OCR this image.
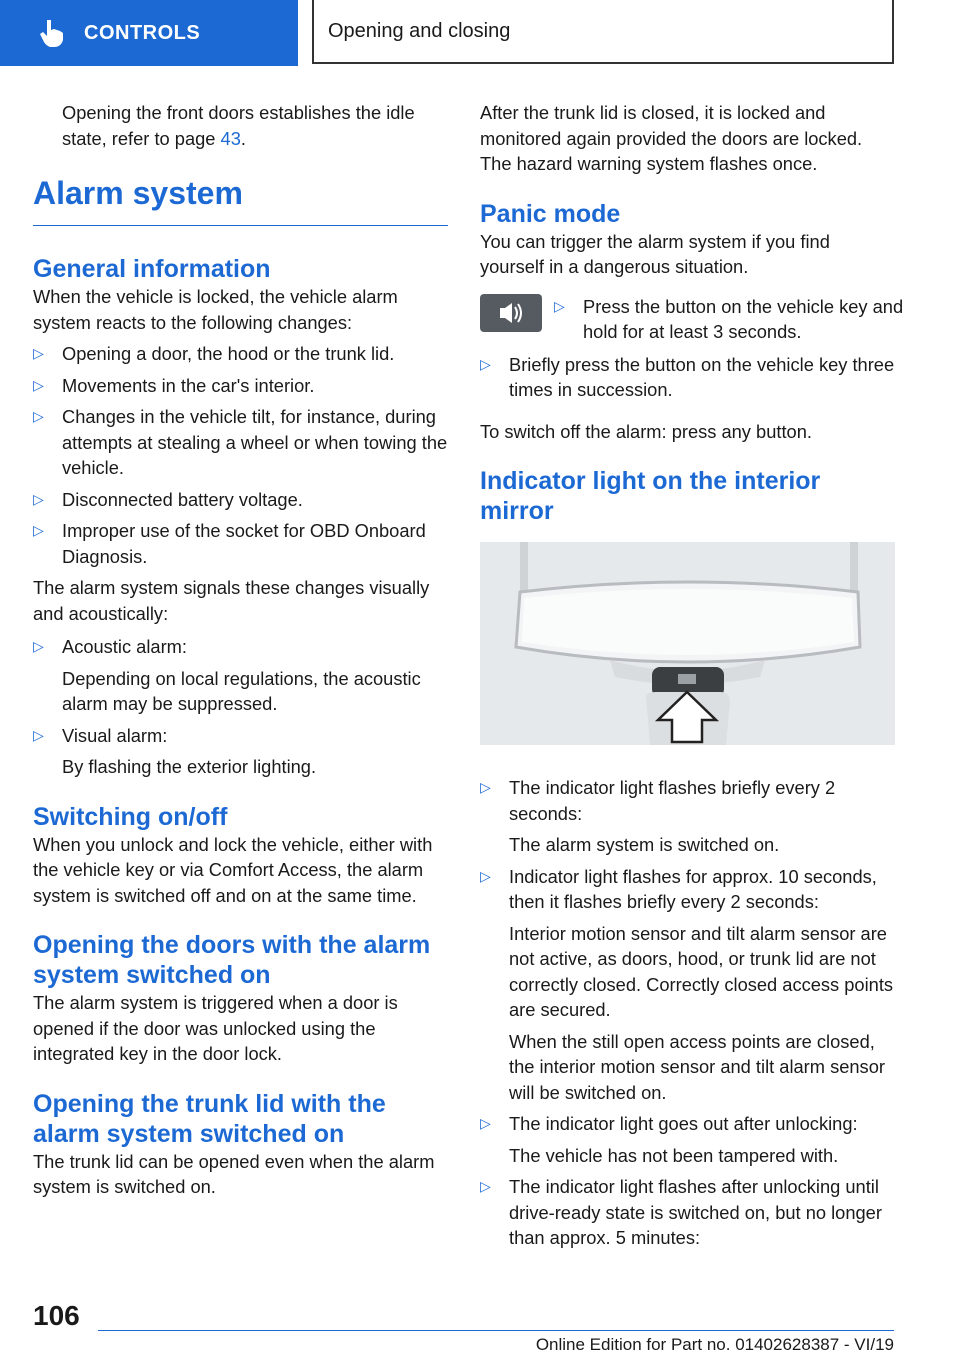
CONTROLS	Opening and closing

Opening the front doors establishes the idle
state, refer to page 43.

Alarm system
General information

When the vehicle is locked, the vehicle alarm system reacts to the following changes:

▷ Opening a door, the hood or the trunk lid.
▷ Movements in the car's interior.
▷ Changes in the vehicle tilt, for instance, during attempts at stealing a wheel or when towing the vehicle.
▷ Disconnected battery voltage.
▷ Improper use of the socket for OBD Onboard Diagnosis.

The alarm system signals these changes visually and acoustically:

▷ Acoustic alarm:

Depending on local regulations, the acoustic alarm may be suppressed.

▷ Visual alarm:

By flashing the exterior lighting.

Switching on/off

When you unlock and lock the vehicle, either with the vehicle key or via Comfort Access, the alarm system is switched off and on at the same time.

Opening the doors with the alarm system switched on

The alarm system is triggered when a door is opened if the door was unlocked using the integrated key in the door lock.

Opening the trunk lid with the alarm system switched on

The trunk lid can be opened even when the alarm system is switched on.

After the trunk lid is closed, it is locked and monitored again provided the doors are locked. The hazard warning system flashes once.

Panic mode

You can trigger the alarm system if you find yourself in a dangerous situation.

▷ Press the button on the vehicle key and hold for at least 3 seconds.
▷ Briefly press the button on the vehicle key three times in succession.

To switch off the alarm: press any button.

Indicator light on the interior mirror
▷ The indicator light flashes briefly every 2 seconds:

The alarm system is switched on.

▷ Indicator light flashes for approx. 10 seconds, then it flashes briefly every 2 seconds:

Interior motion sensor and tilt alarm sensor are not active, as doors, hood, or trunk lid are not correctly closed. Correctly closed access points are secured.

When the still open access points are closed, the interior motion sensor and tilt alarm sensor will be switched on.

▷ The indicator light goes out after unlocking:

The vehicle has not been tampered with.

▷ The indicator light flashes after unlocking until drive-ready state is switched on, but no longer than approx. 5 minutes:
106
Online Edition for Part no. 01402628387 - VI/19
